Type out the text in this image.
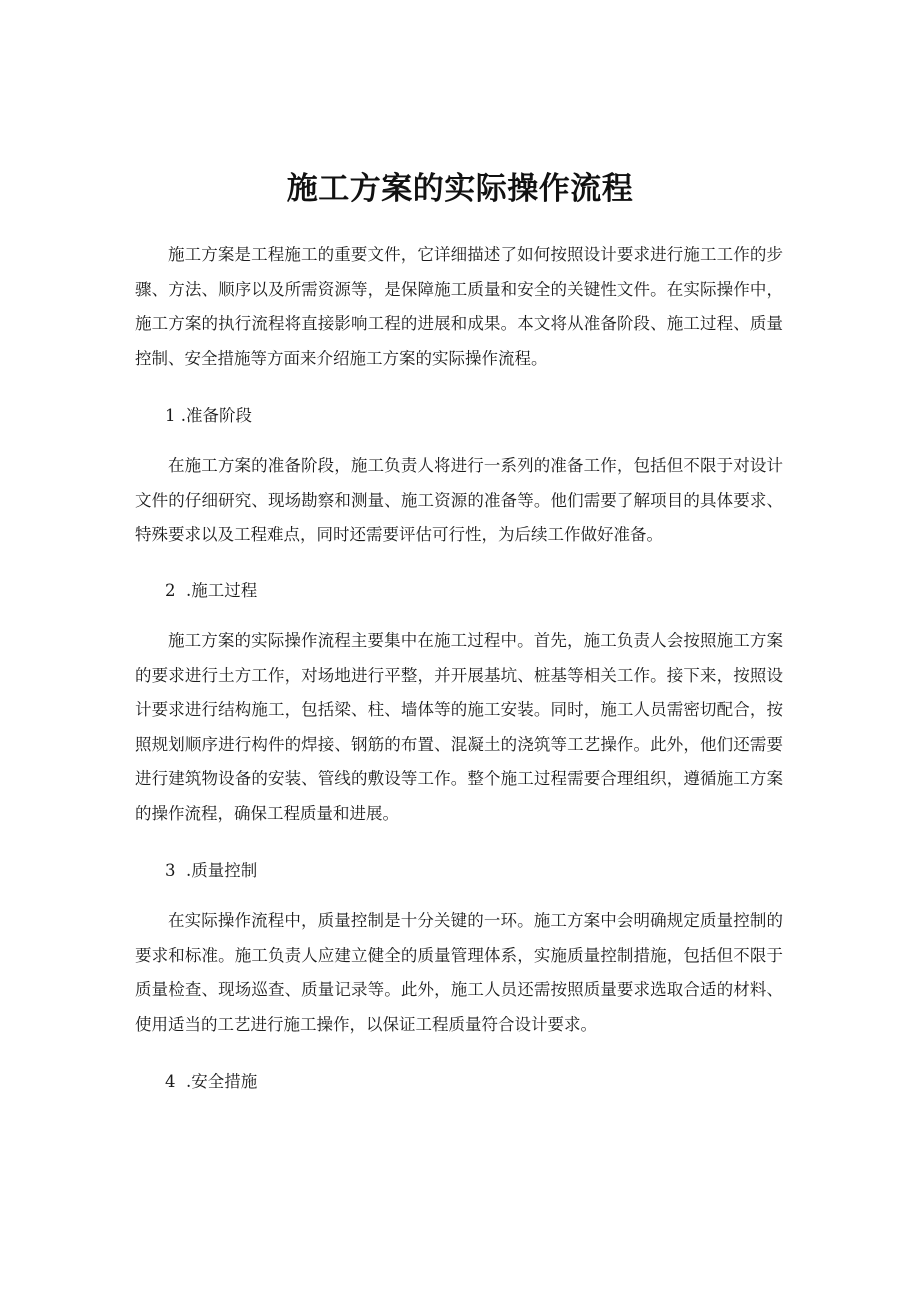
施工方案的实际操作流程

施工方案是工程施工的重要文件，它详细描述了如何按照设计要求进行施工工作的步骤、方法、顺序以及所需资源等，是保障施工质量和安全的关键性文件。在实际操作中，施工方案的执行流程将直接影响工程的进展和成果。本文将从准备阶段、施工过程、质量控制、安全措施等方面来介绍施工方案的实际操作流程。

1 .准备阶段

在施工方案的准备阶段，施工负责人将进行一系列的准备工作，包括但不限于对设计文件的仔细研究、现场勘察和测量、施工资源的准备等。他们需要了解项目的具体要求、特殊要求以及工程难点，同时还需要评估可行性，为后续工作做好准备。

2  .施工过程

施工方案的实际操作流程主要集中在施工过程中。首先，施工负责人会按照施工方案的要求进行土方工作，对场地进行平整，并开展基坑、桩基等相关工作。接下来，按照设计要求进行结构施工，包括梁、柱、墙体等的施工安装。同时，施工人员需密切配合，按照规划顺序进行构件的焊接、钢筋的布置、混凝土的浇筑等工艺操作。此外，他们还需要进行建筑物设备的安装、管线的敷设等工作。整个施工过程需要合理组织，遵循施工方案的操作流程，确保工程质量和进展。

3  .质量控制

在实际操作流程中，质量控制是十分关键的一环。施工方案中会明确规定质量控制的要求和标准。施工负责人应建立健全的质量管理体系，实施质量控制措施，包括但不限于质量检查、现场巡查、质量记录等。此外，施工人员还需按照质量要求选取合适的材料、使用适当的工艺进行施工操作，以保证工程质量符合设计要求。

4  .安全措施
